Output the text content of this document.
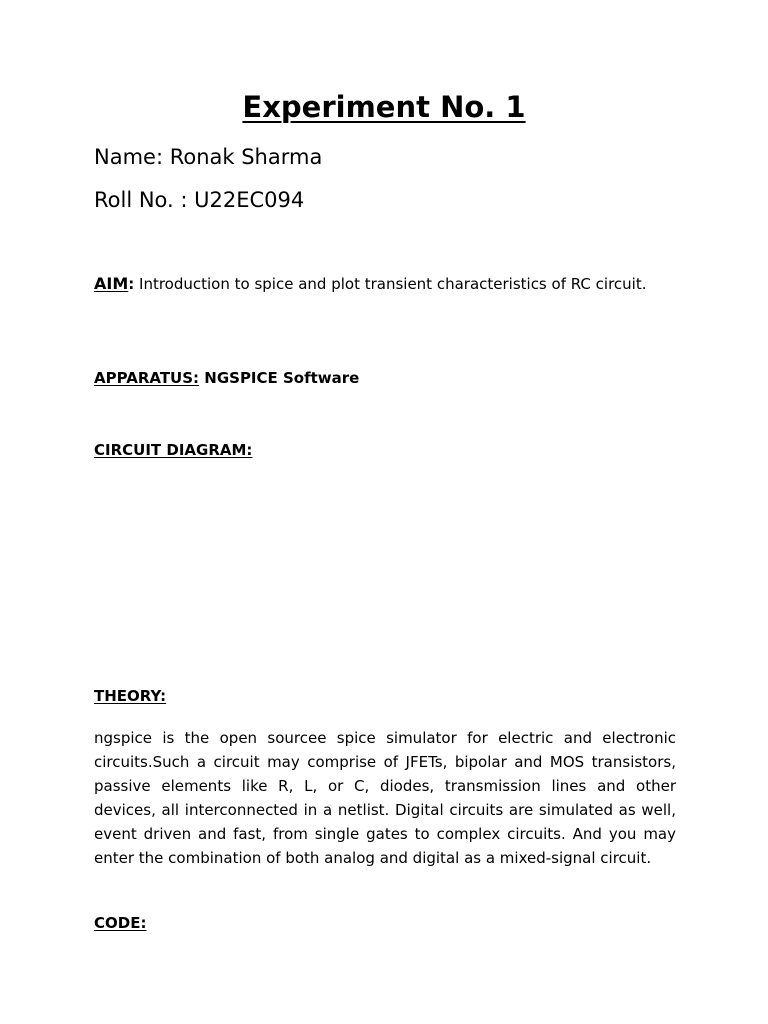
Experiment No. 1

Name: Ronak Sharma

Roll No. : U22EC094

AIM: Introduction to spice and plot transient characteristics of RC circuit.

APPARATUS: NGSPICE Software

CIRCUIT DIAGRAM:

THEORY:

ngspice is the open sourcee spice simulator for electric and electronic circuits.Such a circuit may comprise of JFETs, bipolar and MOS transistors, passive elements like R, L, or C, diodes, transmission lines and other devices, all interconnected in a netlist. Digital circuits are simulated as well, event driven and fast, from single gates to complex circuits. And you may enter the combination of both analog and digital as a mixed-signal circuit.

CODE:
